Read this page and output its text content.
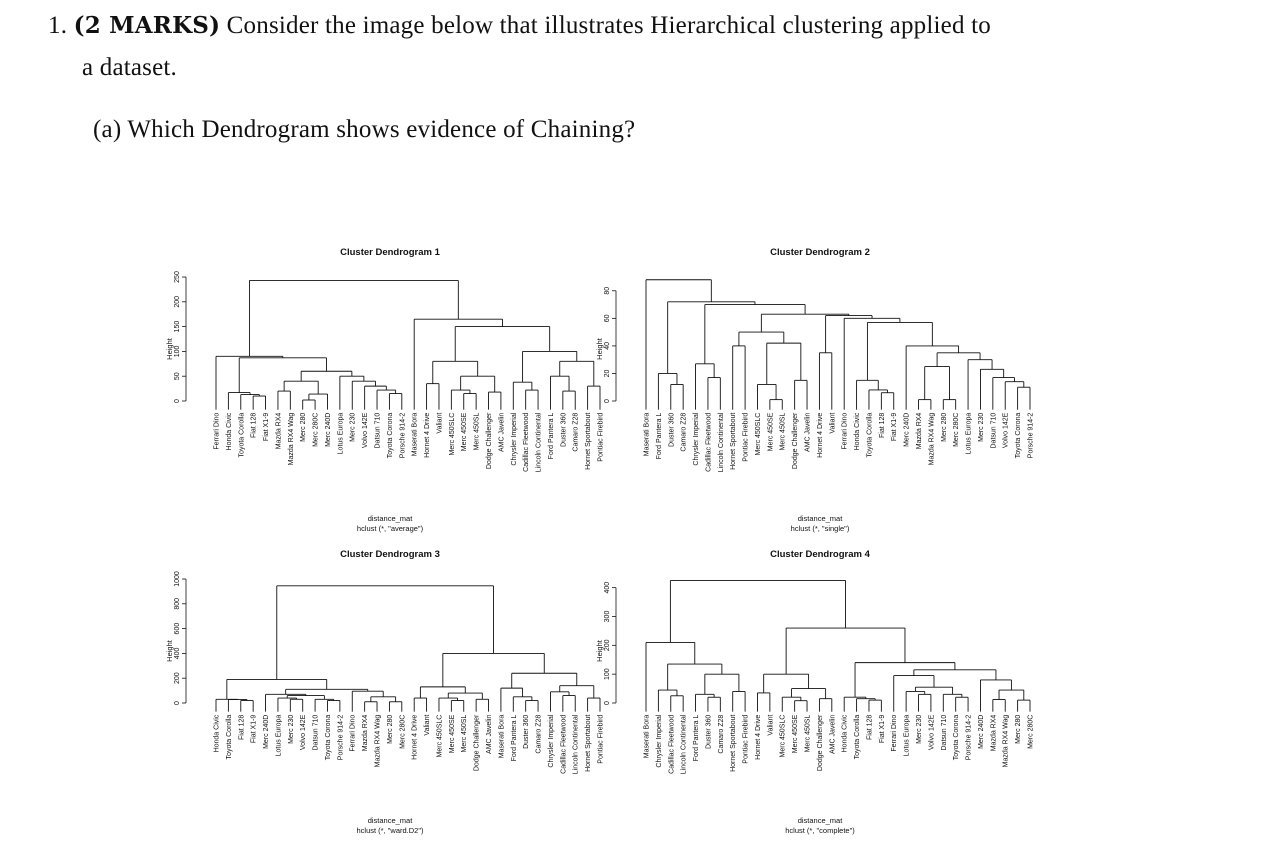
1. (2 MARKS) Consider the image below that illustrates Hierarchical clustering applied to
a dataset.
(a) Which Dendrogram shows evidence of Chaining?
Cluster Dendrogram 1
0
50
100
150
200
250
Height
Ferrari Dino Honda Civic Toyota Corolla Fiat 128 Fiat X1-9 Mazda RX4 Mazda RX4 Wag Merc 280 Merc 280C Merc 240D Lotus Europa Merc 230 Volvo 142E Datsun 710 Toyota Corona Porsche 914-2 Maserati Bora Hornet 4 Drive Valiant Merc 450SLC Merc 450SE Merc 450SL Dodge Challenger AMC Javelin Chrysler Imperial Cadillac Fleetwood Lincoln Continental Ford Pantera L Duster 360 Camaro Z28 Hornet Sportabout Pontiac Firebird
distance_mat
hclust (*, "average")
Cluster Dendrogram 2
0
20
40
60
80
Height
Maserati Bora Ford Pantera L Duster 360 Camaro Z28 Chrysler Imperial Cadillac Fleetwood Lincoln Continental Hornet Sportabout Pontiac Firebird Merc 450SLC Merc 450SE Merc 450SL Dodge Challenger AMC Javelin Hornet 4 Drive Valiant Ferrari Dino Honda Civic Toyota Corolla Fiat 128 Fiat X1-9 Merc 240D Mazda RX4 Mazda RX4 Wag Merc 280 Merc 280C Lotus Europa Merc 230 Datsun 710 Volvo 142E Toyota Corona Porsche 914-2
distance_mat
hclust (*, "single")
Cluster Dendrogram 3
0
200
400
600
800
1000
Height
Honda Civic Toyota Corolla Fiat 128 Fiat X1-9 Merc 240D Lotus Europa Merc 230 Volvo 142E Datsun 710 Toyota Corona Porsche 914-2 Ferrari Dino Mazda RX4 Mazda RX4 Wag Merc 280 Merc 280C Hornet 4 Drive Valiant Merc 450SLC Merc 450SE Merc 450SL Dodge Challenger AMC Javelin Maserati Bora Ford Pantera L Duster 360 Camaro Z28 Chrysler Imperial Cadillac Fleetwood Lincoln Continental Hornet Sportabout Pontiac Firebird
distance_mat
hclust (*, "ward.D2")
Cluster Dendrogram 4
0
100
200
300
400
Height
Maserati Bora Chrysler Imperial Cadillac Fleetwood Lincoln Continental Ford Pantera L Duster 360 Camaro Z28 Hornet Sportabout Pontiac Firebird Hornet 4 Drive Valiant Merc 450SLC Merc 450SE Merc 450SL Dodge Challenger AMC Javelin Honda Civic Toyota Corolla Fiat 128 Fiat X1-9 Ferrari Dino Lotus Europa Merc 230 Volvo 142E Datsun 710 Toyota Corona Porsche 914-2 Merc 240D Mazda RX4 Mazda RX4 Wag Merc 280 Merc 280C
distance_mat
hclust (*, "complete")
